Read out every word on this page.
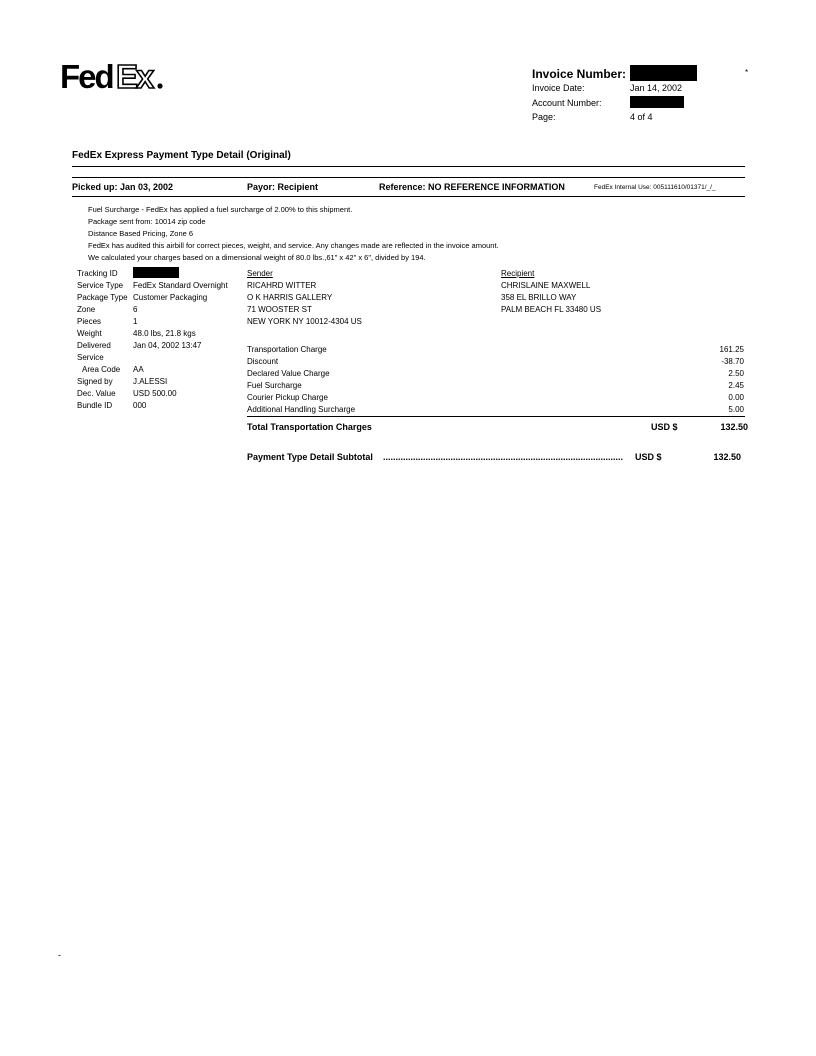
Fed Ex	*
Invoice Number:
Invoice Date:	Jan 14, 2002
Account Number:
Page:	4 of 4
FedEx Express Payment Type Detail (Original)
Picked up: Jan 03, 2002	Payor: Recipient	Reference: NO REFERENCE INFORMATION	FedEx Internal Use: 005111610/01371/_/_
Fuel Surcharge - FedEx has applied a fuel surcharge of 2.00% to this shipment.
Package sent from: 10014 zip code
Distance Based Pricing, Zone 6
FedEx has audited this airbill for correct pieces, weight, and service. Any changes made are reflected in the invoice amount.
We calculated your charges based on a dimensional weight of 80.0 lbs.,61" x 42" x 6", divided by 194.
Tracking ID
Service Type FedEx Standard Overnight
Package Type Customer Packaging
Zone	6
Pieces	1
Weight	48.0 lbs, 21.8 kgs
Delivered	Jan 04, 2002 13:47
Service
Area Code AA
Signed by	J.ALESSI
Dec. Value USD 500.00
Bundle ID	000
Sender
RICAHRD WITTER
O K HARRIS GALLERY
71 WOOSTER ST
NEW YORK NY 10012-4304 US
Recipient
CHRISLAINE MAXWELL
358 EL BRILLO WAY
PALM BEACH FL 33480 US
Transportation Charge	161.25
Discount	-38.70
Declared Value Charge	2.50
Fuel Surcharge	2.45
Courier Pickup Charge	0.00
Additional Handling Surcharge	5.00
Total Transportation Charges	USD $	132.50
Payment Type Detail Subtotal ................................................................................................	USD $	132.50
-
